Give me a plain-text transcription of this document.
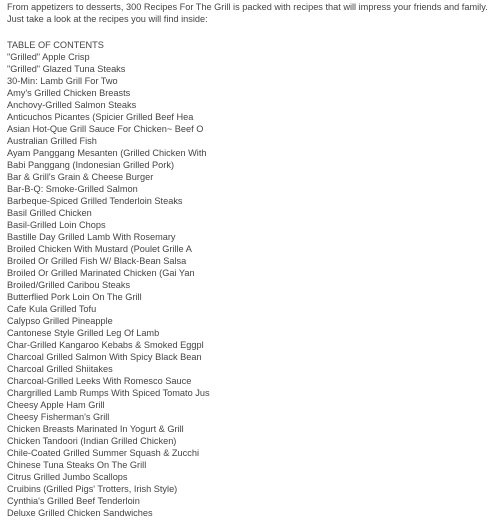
From appetizers to desserts, 300 Recipes For The Grill is packed with recipes that will impress your friends and family. Just take a look at the recipes you will find inside:

TABLE OF CONTENTS
"Grilled" Apple Crisp
"Grilled" Glazed Tuna Steaks
30-Min: Lamb Grill For Two
Amy's Grilled Chicken Breasts
Anchovy-Grilled Salmon Steaks
Anticuchos Picantes (Spicier Grilled Beef Hea
Asian Hot-Que Grill Sauce For Chicken~ Beef O
Australian Grilled Fish
Ayam Panggang Mesanten (Grilled Chicken With
Babi Panggang (Indonesian Grilled Pork)
Bar & Grill's Grain & Cheese Burger
Bar-B-Q: Smoke-Grilled Salmon
Barbeque-Spiced Grilled Tenderloin Steaks
Basil Grilled Chicken
Basil-Grilled Loin Chops
Bastille Day Grilled Lamb With Rosemary
Broiled Chicken With Mustard (Poulet Grille A
Broiled Or Grilled Fish W/ Black-Bean Salsa
Broiled Or Grilled Marinated Chicken (Gai Yan
Broiled/Grilled Caribou Steaks
Butterflied Pork Loin On The Grill
Cafe Kula Grilled Tofu
Calypso Grilled Pineapple
Cantonese Style Grilled Leg Of Lamb
Char-Grilled Kangaroo Kebabs & Smoked Eggpl
Charcoal Grilled Salmon With Spicy Black Bean
Charcoal Grilled Shiitakes
Charcoal-Grilled Leeks With Romesco Sauce
Chargrilled Lamb Rumps With Spiced Tomato Jus
Cheesy Apple Ham Grill
Cheesy Fisherman's Grill
Chicken Breasts Marinated In Yogurt & Grill
Chicken Tandoori (Indian Grilled Chicken)
Chile-Coated Grilled Summer Squash & Zucchi
Chinese Tuna Steaks On The Grill
Citrus Grilled Jumbo Scallops
Cruibins (Grilled Pigs' Trotters, Irish Style)
Cynthia's Grilled Beef Tenderloin
Deluxe Grilled Chicken Sandwiches
